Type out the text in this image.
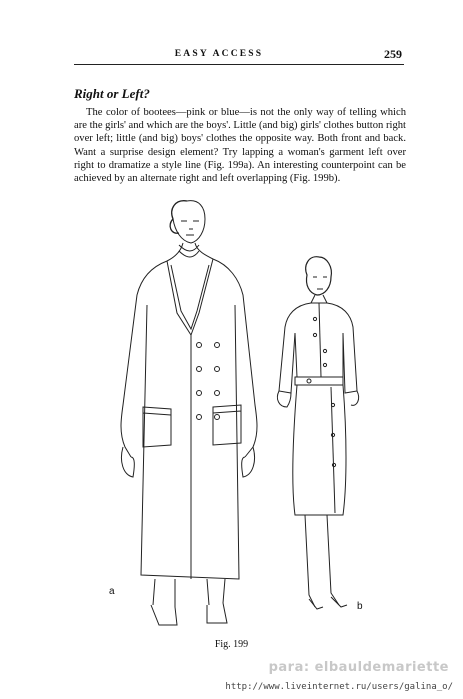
EASY ACCESS	259
Right or Left?

The color of bootees—pink or blue—is not the only way of telling which are the girls' and which are the boys'. Little (and big) girls' clothes button right over left; little (and big) boys' clothes the opposite way. Both front and back. Want a surprise design element? Try lapping a woman's garment left over right to dramatize a style line (Fig. 199a). An interesting counterpoint can be achieved by an alternate right and left overlapping (Fig. 199b).

a
b
Fig. 199
para: elbauldemariette
http://www.liveinternet.ru/users/galina_o/
